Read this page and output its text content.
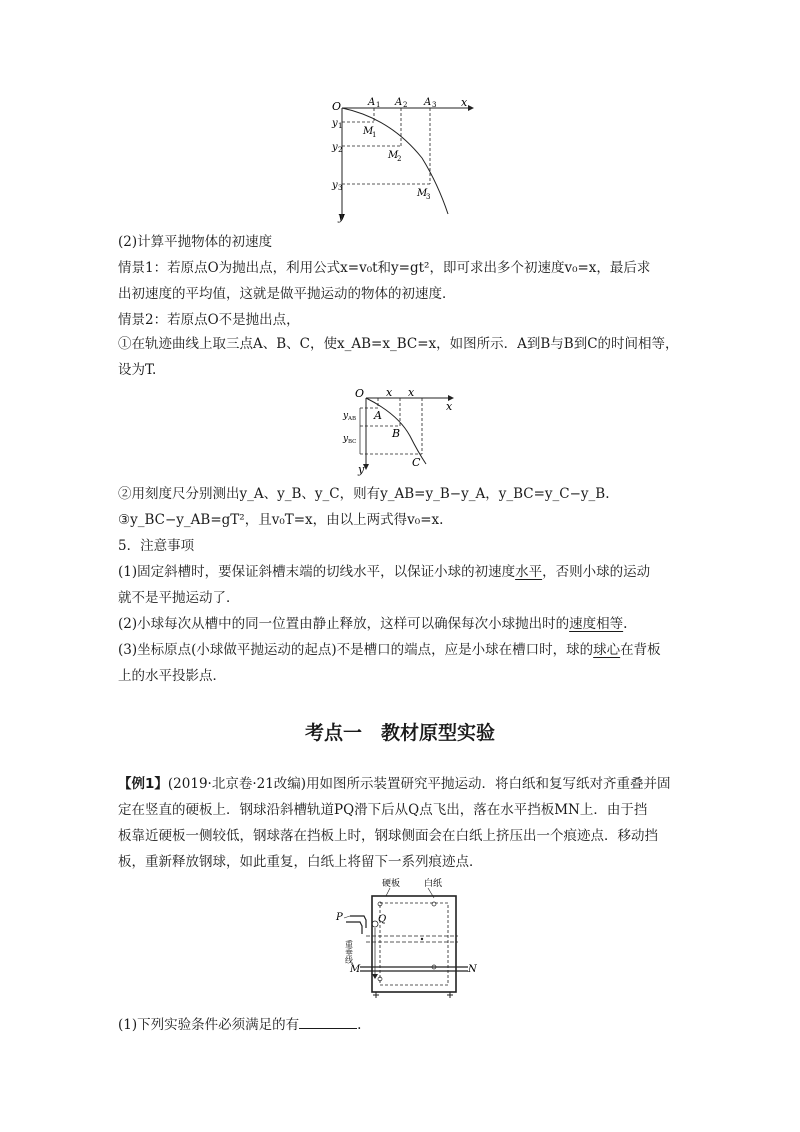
O	x
y
A 1 A 2 A 3
y 1
y 2
y 3
M
1
M
2
M
3
(2)计算平抛物体的初速度
情景1：若原点O为抛出点，利用公式x=v₀t和y=gt²，即可求出多个初速度v₀=x，最后求
出初速度的平均值，这就是做平抛运动的物体的初速度．
情景2：若原点O不是抛出点，
①在轨迹曲线上取三点A、B、C，使x_AB=x_BC=x，如图所示．A到B与B到C的时间相等，
设为T.
O x x
x
y
A
B
C
y AB
y BC
②用刻度尺分别测出y_A、y_B、y_C，则有y_AB=y_B−y_A，y_BC=y_C−y_B.
③y_BC−y_AB=gT²，且v₀T=x，由以上两式得v₀=x.
5．注意事项
(1)固定斜槽时，要保证斜槽末端的切线水平，以保证小球的初速度水平，否则小球的运动
就不是平抛运动了．
(2)小球每次从槽中的同一位置由静止释放，这样可以确保每次小球抛出时的速度相等.
(3)坐标原点(小球做平抛运动的起点)不是槽口的端点，应是小球在槽口时，球的球心在背板
上的水平投影点．
考点一　教材原型实验
【例1】(2019·北京卷·21改编)用如图所示装置研究平抛运动．将白纸和复写纸对齐重叠并固
定在竖直的硬板上．钢球沿斜槽轨道PQ滑下后从Q点飞出，落在水平挡板MN上．由于挡
板靠近硬板一侧较低，钢球落在挡板上时，钢球侧面会在白纸上挤压出一个痕迹点．移动挡
板，重新释放钢球，如此重复，白纸上将留下一系列痕迹点．
硬板	白纸
P	Q
重垂线
M	N
(1)下列实验条件必须满足的有	.
